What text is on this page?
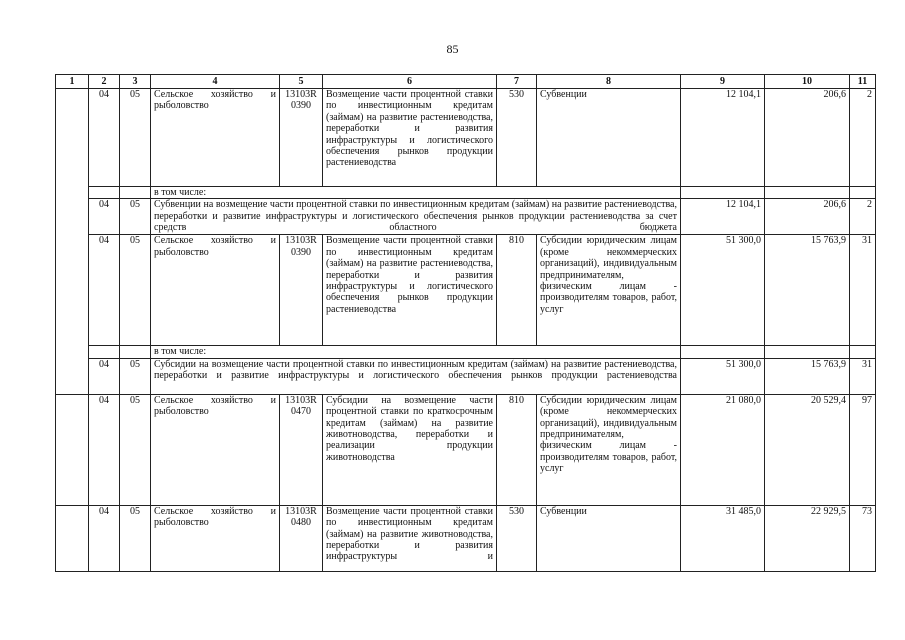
85
1	2	3	4	5	6	7	8	9	10	11
	04	05	Сельское хозяйство и рыболовство	13103R 0390	Возмещение части процентной ставки по инвестиционным кредитам (займам) на развитие растениеводства, переработки и развития инфраструктуры и логистического обеспечения рынков продукции растениеводства	530	Субвенции	12 104,1	206,6	2
			в том числе:							
	04	05	Субвенции на возмещение части процентной ставки по инвестиционным кредитам (займам) на развитие растениеводства, переработки и развитие инфраструктуры и логистического обеспечения рынков продукции растениеводства за счет средств областного бюджета					12 104,1	206,6	2
	04	05	Сельское хозяйство и рыболовство	13103R 0390	Возмещение части процентной ставки по инвестиционным кредитам (займам) на развитие растениеводства, переработки и развития инфраструктуры и логистического обеспечения рынков продукции растениеводства	810	Субсидии юридическим лицам (кроме некоммерческих организаций), индивидуальным предпринимателям, физическим лицам - производителям товаров, работ, услуг	51 300,0	15 763,9	31
			в том числе:							
	04	05	Субсидии на возмещение части процентной ставки по инвестиционным кредитам (займам) на развитие растениеводства, переработки и развитие инфраструктуры и логистического обеспечения рынков продукции растениеводства					51 300,0	15 763,9	31
	04	05	Сельское хозяйство и рыболовство	13103R 0470	Субсидии на возмещение части процентной ставки по краткосрочным кредитам (займам) на развитие животноводства, переработки и реализации продукции животноводства	810	Субсидии юридическим лицам (кроме некоммерческих организаций), индивидуальным предпринимателям, физическим лицам - производителям товаров, работ, услуг	21 080,0	20 529,4	97
	04	05	Сельское хозяйство и рыболовство	13103R 0480	Возмещение части процентной ставки по инвестиционным кредитам (займам) на развитие животноводства, переработки и развития инфраструктуры и	530	Субвенции	31 485,0	22 929,5	73
